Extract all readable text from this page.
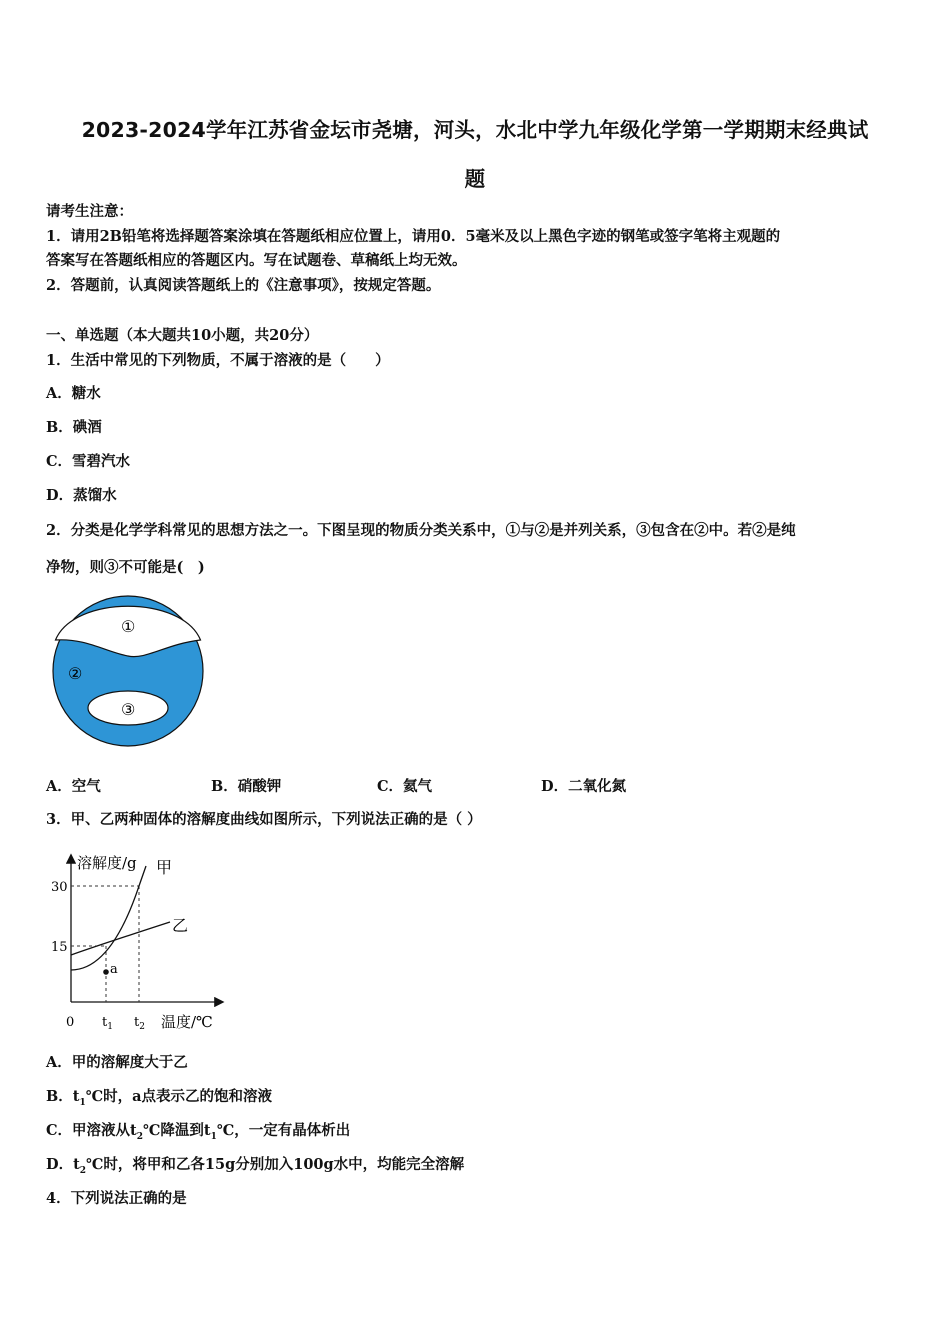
2023-2024学年江苏省金坛市尧塘，河头，水北中学九年级化学第一学期期末经典试
题
请考生注意：
1．请用2B铅笔将选择题答案涂填在答题纸相应位置上，请用0．5毫米及以上黑色字迹的钢笔或签字笔将主观题的
答案写在答题纸相应的答题区内。写在试题卷、草稿纸上均无效。
2．答题前，认真阅读答题纸上的《注意事项》，按规定答题。
一、单选题（本大题共10小题，共20分）
1．生活中常见的下列物质，不属于溶液的是（　　）
A．糖水
B．碘酒
C．雪碧汽水
D．蒸馏水
2．分类是化学学科常见的思想方法之一。下图呈现的物质分类关系中，①与②是并列关系，③包含在②中。若②是纯
净物，则③不可能是(　)
①
②
③
A．空气	B．硝酸钾	C．氦气	D．二氧化氮
3．甲、乙两种固体的溶解度曲线如图所示，下列说法正确的是（ ）
a
溶解度/g 甲
乙
30
15
0 $t_1$ $t_2$ 温度/℃
A．甲的溶解度大于乙
B．$t_1℃$时，a点表示乙的饱和溶液
C．甲溶液从$t_2℃$降温到$t_1℃$，一定有晶体析出
D．$t_2℃$时，将甲和乙各15g分别加入100g水中，均能完全溶解
4．下列说法正确的是
